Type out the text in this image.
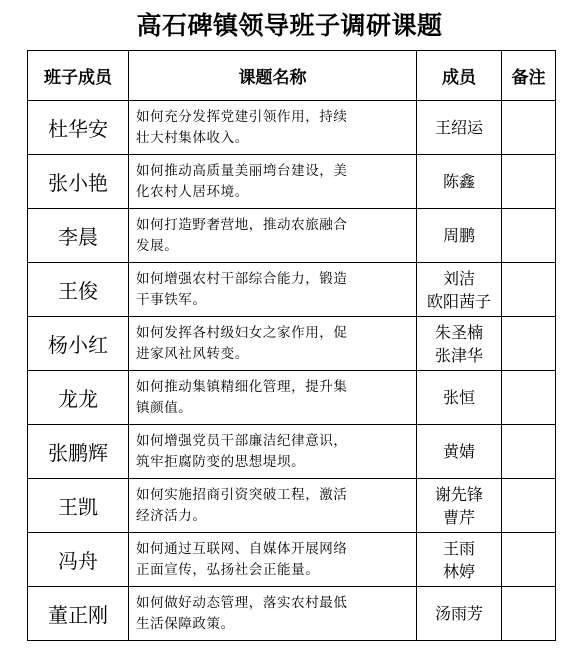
高石碑镇领导班子调研课题
班子成员	课题名称	成员	备注
杜华安	如何充分发挥党建引领作用，持续
壮大村集体收入。	王绍运	

张小艳	如何推动高质量美丽塆台建设，美
化农村人居环境。	陈鑫	

李晨	如何打造野奢营地，推动农旅融合
发展。	周鹏	

王俊	如何增强农村干部综合能力，锻造
干事铁军。	刘洁
欧阳茜子	

杨小红	如何发挥各村级妇女之家作用，促
进家风社风转变。	朱圣楠
张津华	

龙龙	如何推动集镇精细化管理，提升集
镇颜值。	张恒	

张鹏辉	如何增强党员干部廉洁纪律意识，
筑牢拒腐防变的思想堤坝。	黄婧	

王凯	如何实施招商引资突破工程，激活
经济活力。	谢先锋
曹芹	

冯舟	如何通过互联网、自媒体开展网络
正面宣传，弘扬社会正能量。	王雨
林婷	

董正刚	如何做好动态管理，落实农村最低
生活保障政策。	汤雨芳	
